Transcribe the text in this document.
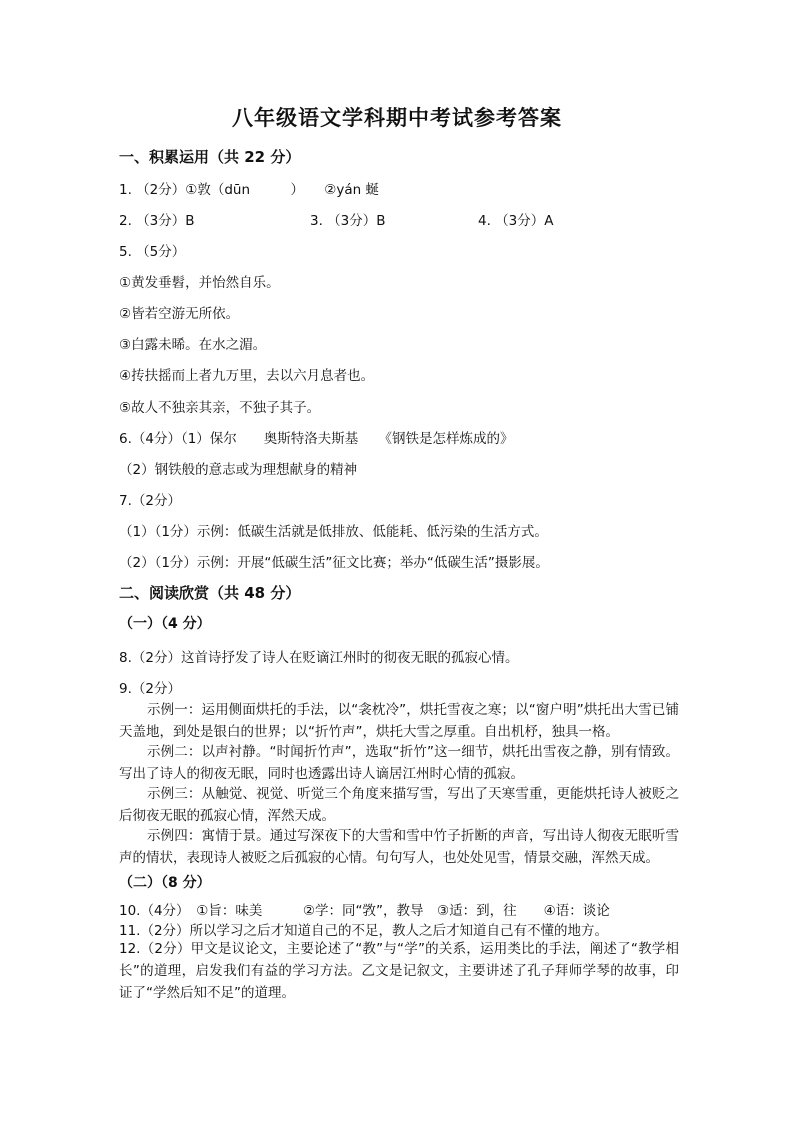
八年级语文学科期中考试参考答案
一、积累运用（共 22 分）
1. （2分）①敦（dūn　　　）　　②yán 蜒
2. （3分）B	3. （3分）B	4. （3分）A
5. （5分）
①黄发垂髫，并怡然自乐。
②皆若空游无所依。
③白露未晞。在水之湄。
④抟扶摇而上者九万里，去以六月息者也。
⑤故人不独亲其亲，不独子其子。
6.（4分）（1）保尔　　奥斯特洛夫斯基　　《钢铁是怎样炼成的》
（2）钢铁般的意志或为理想献身的精神
7.（2分）
（1）（1分）示例：低碳生活就是低排放、低能耗、低污染的生活方式。
（2）（1分）示例：开展“低碳生活”征文比赛；举办“低碳生活”摄影展。
二、阅读欣赏（共 48 分）
（一）（4 分）
8.（2分）这首诗抒发了诗人在贬谪江州时的彻夜无眠的孤寂心情。
9.（2分）
示例一：运用侧面烘托的手法，以“衾枕冷”，烘托雪夜之寒；以“窗户明”烘托出大雪已铺天盖地，到处是银白的世界；以“折竹声”，烘托大雪之厚重。自出机杼，独具一格。
示例二：以声衬静。“时闻折竹声”，选取“折竹”这一细节，烘托出雪夜之静，别有情致。写出了诗人的彻夜无眠，同时也透露出诗人谪居江州时心情的孤寂。
示例三：从触觉、视觉、听觉三个角度来描写雪，写出了天寒雪重，更能烘托诗人被贬之后彻夜无眠的孤寂心情，浑然天成。
示例四：寓情于景。通过写深夜下的大雪和雪中竹子折断的声音，写出诗人彻夜无眠听雪声的情状，表现诗人被贬之后孤寂的心情。句句写人，也处处见雪，情景交融，浑然天成。
（二）（8 分）
10.（4分）　①旨：味美　　　②学：同“敩”，教导　③适：到，往　　④语：谈论
11.（2分）所以学习之后才知道自己的不足，教人之后才知道自己有不懂的地方。
12.（2分）甲文是议论文，主要论述了“教”与“学”的关系，运用类比的手法，阐述了“教学相长”的道理，启发我们有益的学习方法。乙文是记叙文，主要讲述了孔子拜师学琴的故事，印证了“学然后知不足”的道理。
